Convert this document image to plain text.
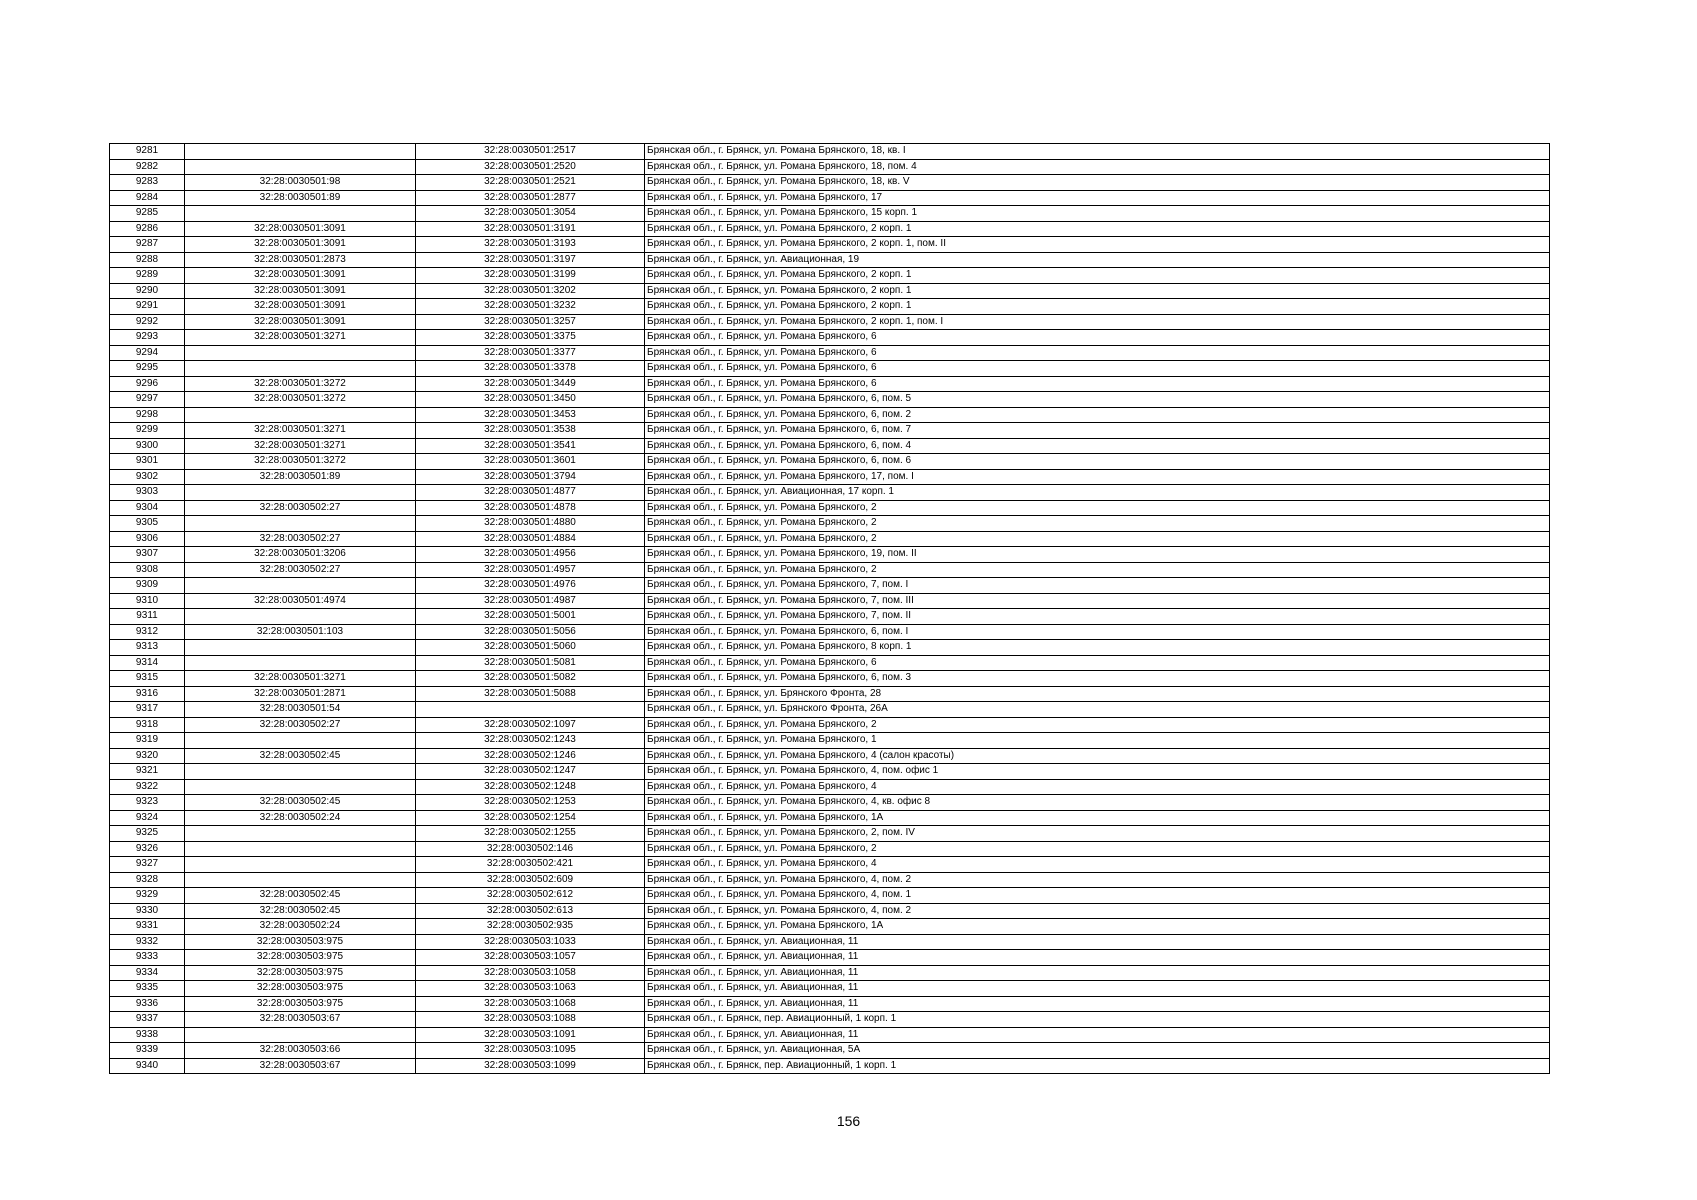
9281		32:28:0030501:2517	Брянская обл., г. Брянск, ул. Романа Брянского, 18, кв. I
9282		32:28:0030501:2520	Брянская обл., г. Брянск, ул. Романа Брянского, 18, пом. 4
9283	32:28:0030501:98	32:28:0030501:2521	Брянская обл., г. Брянск, ул. Романа Брянского, 18, кв. V
9284	32:28:0030501:89	32:28:0030501:2877	Брянская обл., г. Брянск, ул. Романа Брянского, 17
9285		32:28:0030501:3054	Брянская обл., г. Брянск, ул. Романа Брянского, 15 корп. 1
9286	32:28:0030501:3091	32:28:0030501:3191	Брянская обл., г. Брянск, ул. Романа Брянского, 2 корп. 1
9287	32:28:0030501:3091	32:28:0030501:3193	Брянская обл., г. Брянск, ул. Романа Брянского, 2 корп. 1, пом. II
9288	32:28:0030501:2873	32:28:0030501:3197	Брянская обл., г. Брянск, ул. Авиационная, 19
9289	32:28:0030501:3091	32:28:0030501:3199	Брянская обл., г. Брянск, ул. Романа Брянского, 2 корп. 1
9290	32:28:0030501:3091	32:28:0030501:3202	Брянская обл., г. Брянск, ул. Романа Брянского, 2 корп. 1
9291	32:28:0030501:3091	32:28:0030501:3232	Брянская обл., г. Брянск, ул. Романа Брянского, 2 корп. 1
9292	32:28:0030501:3091	32:28:0030501:3257	Брянская обл., г. Брянск, ул. Романа Брянского, 2 корп. 1, пом. I
9293	32:28:0030501:3271	32:28:0030501:3375	Брянская обл., г. Брянск, ул. Романа Брянского, 6
9294		32:28:0030501:3377	Брянская обл., г. Брянск, ул. Романа Брянского, 6
9295		32:28:0030501:3378	Брянская обл., г. Брянск, ул. Романа Брянского, 6
9296	32:28:0030501:3272	32:28:0030501:3449	Брянская обл., г. Брянск, ул. Романа Брянского, 6
9297	32:28:0030501:3272	32:28:0030501:3450	Брянская обл., г. Брянск, ул. Романа Брянского, 6, пом. 5
9298		32:28:0030501:3453	Брянская обл., г. Брянск, ул. Романа Брянского, 6, пом. 2
9299	32:28:0030501:3271	32:28:0030501:3538	Брянская обл., г. Брянск, ул. Романа Брянского, 6, пом. 7
9300	32:28:0030501:3271	32:28:0030501:3541	Брянская обл., г. Брянск, ул. Романа Брянского, 6, пом. 4
9301	32:28:0030501:3272	32:28:0030501:3601	Брянская обл., г. Брянск, ул. Романа Брянского, 6, пом. 6
9302	32:28:0030501:89	32:28:0030501:3794	Брянская обл., г. Брянск, ул. Романа Брянского, 17, пом. I
9303		32:28:0030501:4877	Брянская обл., г. Брянск, ул. Авиационная, 17 корп. 1
9304	32:28:0030502:27	32:28:0030501:4878	Брянская обл., г. Брянск, ул. Романа Брянского, 2
9305		32:28:0030501:4880	Брянская обл., г. Брянск, ул. Романа Брянского, 2
9306	32:28:0030502:27	32:28:0030501:4884	Брянская обл., г. Брянск, ул. Романа Брянского, 2
9307	32:28:0030501:3206	32:28:0030501:4956	Брянская обл., г. Брянск, ул. Романа Брянского, 19, пом. II
9308	32:28:0030502:27	32:28:0030501:4957	Брянская обл., г. Брянск, ул. Романа Брянского, 2
9309		32:28:0030501:4976	Брянская обл., г. Брянск, ул. Романа Брянского, 7, пом. I
9310	32:28:0030501:4974	32:28:0030501:4987	Брянская обл., г. Брянск, ул. Романа Брянского, 7, пом. III
9311		32:28:0030501:5001	Брянская обл., г. Брянск, ул. Романа Брянского, 7, пом. II
9312	32:28:0030501:103	32:28:0030501:5056	Брянская обл., г. Брянск, ул. Романа Брянского, 6, пом. I
9313		32:28:0030501:5060	Брянская обл., г. Брянск, ул. Романа Брянского, 8 корп. 1
9314		32:28:0030501:5081	Брянская обл., г. Брянск, ул. Романа Брянского, 6
9315	32:28:0030501:3271	32:28:0030501:5082	Брянская обл., г. Брянск, ул. Романа Брянского, 6, пом. 3
9316	32:28:0030501:2871	32:28:0030501:5088	Брянская обл., г. Брянск, ул. Брянского Фронта, 28
9317	32:28:0030501:54		Брянская обл., г. Брянск, ул. Брянского Фронта, 26А
9318	32:28:0030502:27	32:28:0030502:1097	Брянская обл., г. Брянск, ул. Романа Брянского, 2
9319		32:28:0030502:1243	Брянская обл., г. Брянск, ул. Романа Брянского, 1
9320	32:28:0030502:45	32:28:0030502:1246	Брянская обл., г. Брянск, ул. Романа Брянского, 4 (салон красоты)
9321		32:28:0030502:1247	Брянская обл., г. Брянск, ул. Романа Брянского, 4, пом. офис 1
9322		32:28:0030502:1248	Брянская обл., г. Брянск, ул. Романа Брянского, 4
9323	32:28:0030502:45	32:28:0030502:1253	Брянская обл., г. Брянск, ул. Романа Брянского, 4, кв. офис 8
9324	32:28:0030502:24	32:28:0030502:1254	Брянская обл., г. Брянск, ул. Романа Брянского, 1А
9325		32:28:0030502:1255	Брянская обл., г. Брянск, ул. Романа Брянского, 2, пом. IV
9326		32:28:0030502:146	Брянская обл., г. Брянск, ул. Романа Брянского, 2
9327		32:28:0030502:421	Брянская обл., г. Брянск, ул. Романа Брянского, 4
9328		32:28:0030502:609	Брянская обл., г. Брянск, ул. Романа Брянского, 4, пом. 2
9329	32:28:0030502:45	32:28:0030502:612	Брянская обл., г. Брянск, ул. Романа Брянского, 4, пом. 1
9330	32:28:0030502:45	32:28:0030502:613	Брянская обл., г. Брянск, ул. Романа Брянского, 4, пом. 2
9331	32:28:0030502:24	32:28:0030502:935	Брянская обл., г. Брянск, ул. Романа Брянского, 1А
9332	32:28:0030503:975	32:28:0030503:1033	Брянская обл., г. Брянск, ул. Авиационная, 11
9333	32:28:0030503:975	32:28:0030503:1057	Брянская обл., г. Брянск, ул. Авиационная, 11
9334	32:28:0030503:975	32:28:0030503:1058	Брянская обл., г. Брянск, ул. Авиационная, 11
9335	32:28:0030503:975	32:28:0030503:1063	Брянская обл., г. Брянск, ул. Авиационная, 11
9336	32:28:0030503:975	32:28:0030503:1068	Брянская обл., г. Брянск, ул. Авиационная, 11
9337	32:28:0030503:67	32:28:0030503:1088	Брянская обл., г. Брянск, пер. Авиационный, 1 корп. 1
9338		32:28:0030503:1091	Брянская обл., г. Брянск, ул. Авиационная, 11
9339	32:28:0030503:66	32:28:0030503:1095	Брянская обл., г. Брянск, ул. Авиационная, 5А
9340	32:28:0030503:67	32:28:0030503:1099	Брянская обл., г. Брянск, пер. Авиационный, 1 корп. 1
156
